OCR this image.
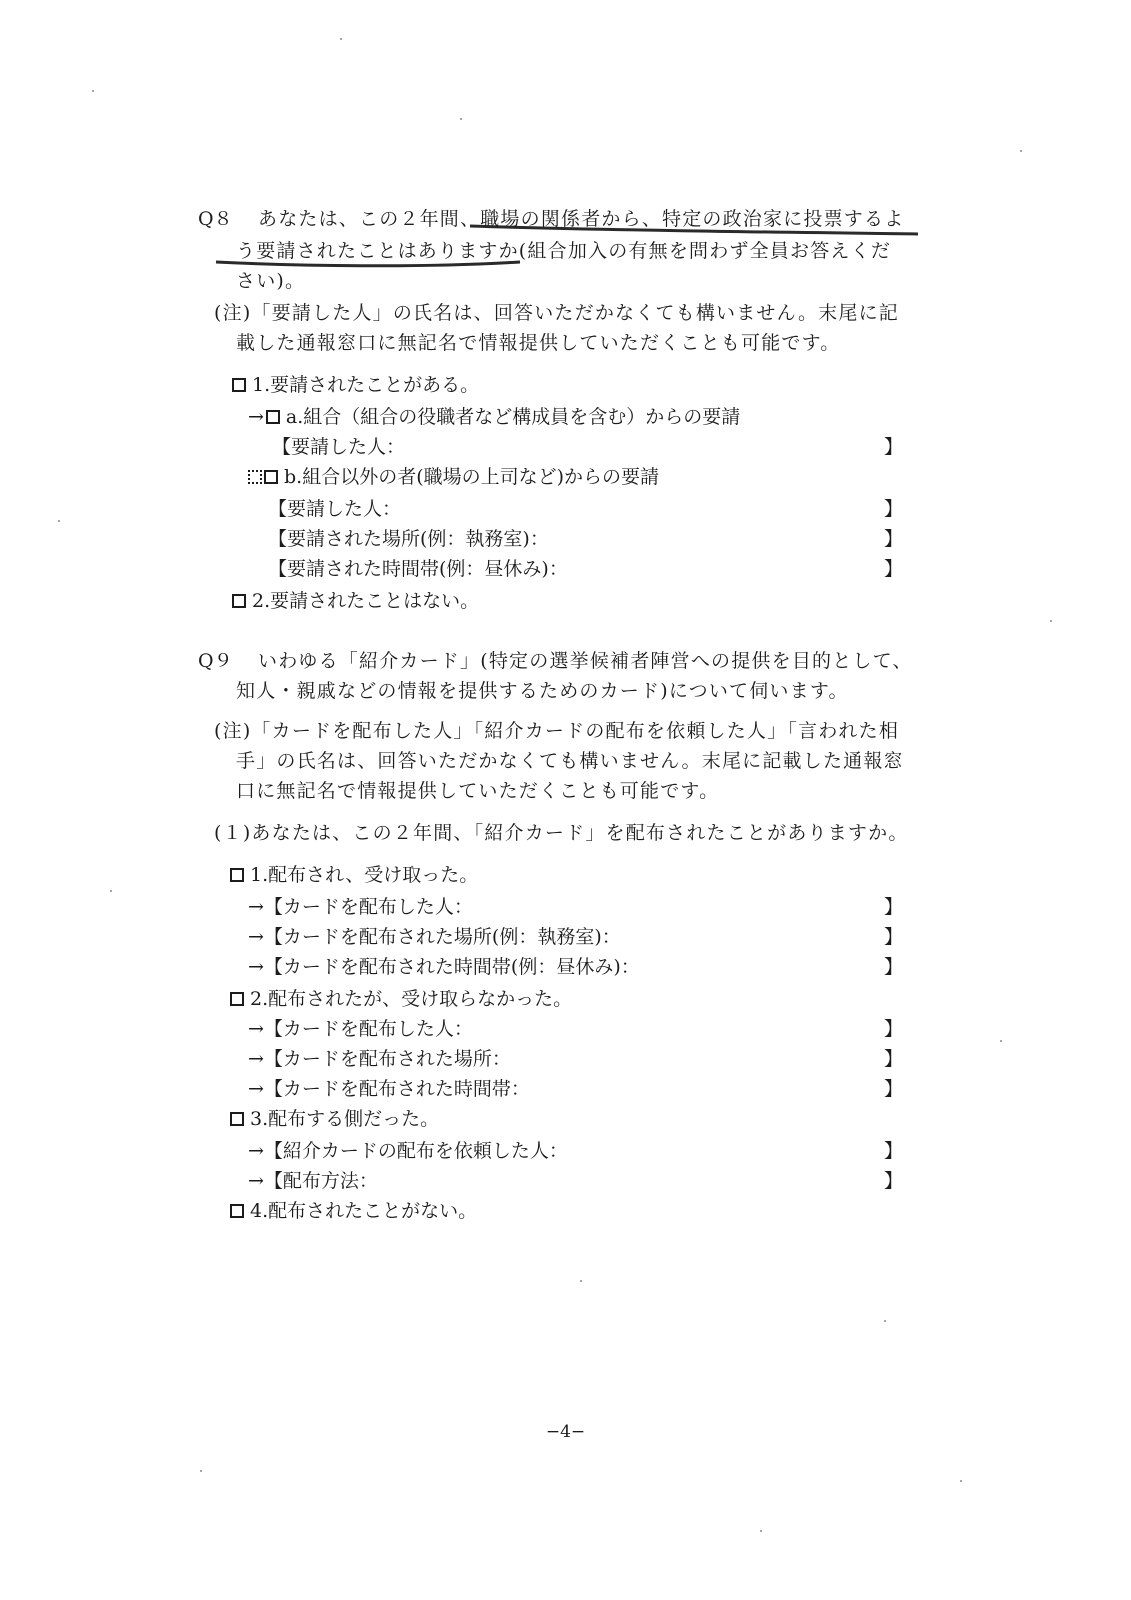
Q８ あなたは、この２年間、職場の関係者から、特定の政治家に投票するよ
う要請されたことはありますか(組合加入の有無を問わず全員お答えくだ
さい)。
(注)「要請した人」の氏名は、回答いただかなくても構いません。末尾に記
載した通報窓口に無記名で情報提供していただくことも可能です。
1.要請されたことがある。
→ a.組合（組合の役職者など構成員を含む）からの要請
【要請した人：	】
b.組合以外の者(職場の上司など)からの要請
【要請した人：	】
【要請された場所(例：執務室)：	】
【要請された時間帯(例：昼休み)：	】
2.要請されたことはない。
Q９ いわゆる「紹介カード」(特定の選挙候補者陣営への提供を目的として、
知人・親戚などの情報を提供するためのカード)について伺います。
(注)「カードを配布した人」「紹介カードの配布を依頼した人」「言われた相
手」の氏名は、回答いただかなくても構いません。末尾に記載した通報窓
口に無記名で情報提供していただくことも可能です。
(１)あなたは、この２年間、「紹介カード」を配布されたことがありますか。
1.配布され、受け取った。
→【カードを配布した人：	】
→【カードを配布された場所(例：執務室)：	】
→【カードを配布された時間帯(例：昼休み)：	】
2.配布されたが、受け取らなかった。
→【カードを配布した人：	】
→【カードを配布された場所：	】
→【カードを配布された時間帯：	】
3.配布する側だった。
→【紹介カードの配布を依頼した人：	】
→【配布方法：	】
4.配布されたことがない。
−4−
